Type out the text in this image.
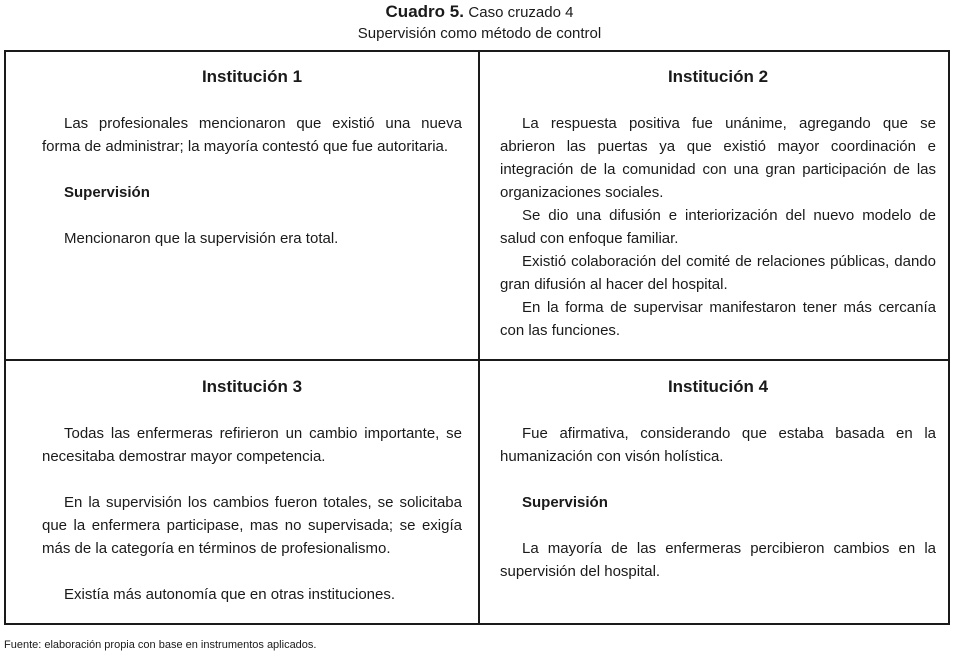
Cuadro 5. Caso cruzado 4
Supervisión como método de control
Institución 1

Las profesionales mencionaron que existió una nueva forma de administrar; la mayoría contestó que fue autoritaria.

Supervisión

Mencionaron que la supervisión era total.

Institución 2

La respuesta positiva fue unánime, agregando que se abrieron las puertas ya que existió mayor coordinación e integración de la comunidad con una gran participación de las organizaciones sociales.

Se dio una difusión e interiorización del nuevo modelo de salud con enfoque familiar.

Existió colaboración del comité de relaciones públicas, dando gran difusión al hacer del hospital.

En la forma de supervisar manifestaron tener más cercanía con las funciones.

Institución 3

Todas las enfermeras refirieron un cambio importante, se necesitaba demostrar mayor competencia.

En la supervisión los cambios fueron totales, se solicitaba que la enfermera participase, mas no supervisada; se exigía más de la categoría en términos de profesionalismo.

Existía más autonomía que en otras instituciones.

Institución 4

Fue afirmativa, considerando que estaba basada en la humanización con visón holística.

Supervisión

La mayoría de las enfermeras percibieron cambios en la supervisión del hospital.

Fuente: elaboración propia con base en instrumentos aplicados.
